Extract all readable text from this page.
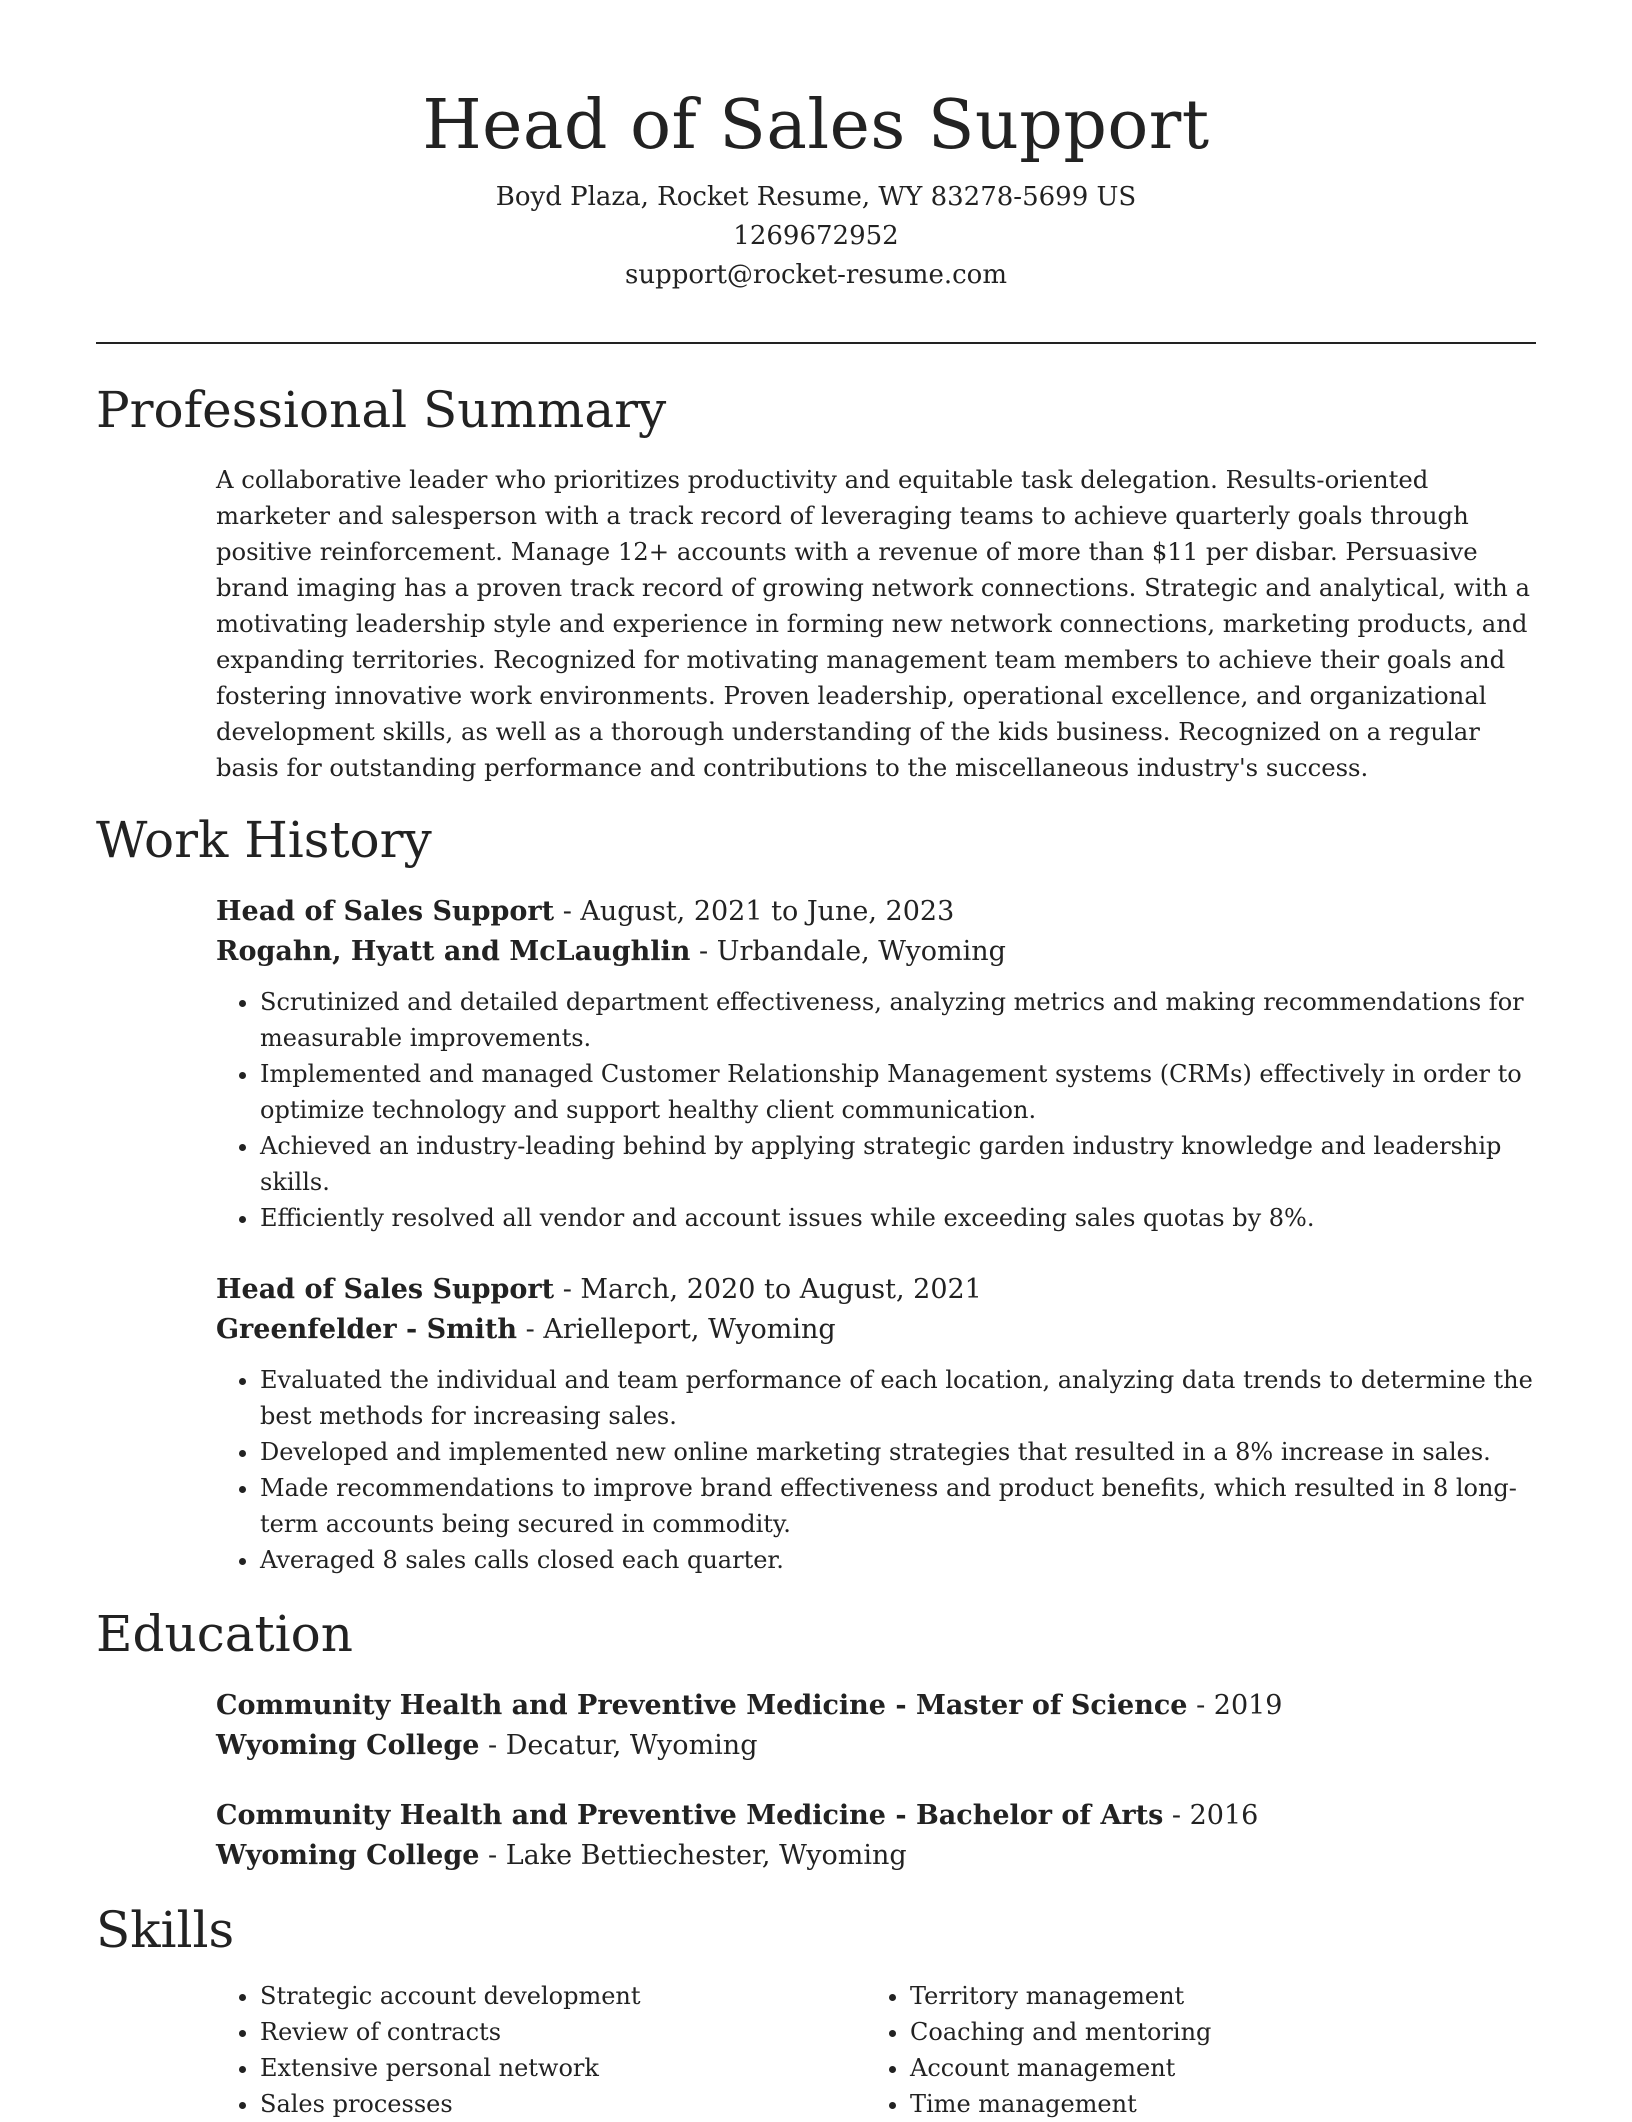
Head of Sales Support
Boyd Plaza, Rocket Resume, WY 83278-5699 US
1269672952
support@rocket-resume.com
Professional Summary

A collaborative leader who prioritizes productivity and equitable task delegation. Results-oriented marketer and salesperson with a track record of leveraging teams to achieve quarterly goals through positive reinforcement. Manage 12+ accounts with a revenue of more than $11 per disbar. Persuasive brand imaging has a proven track record of growing network connections. Strategic and analytical, with a motivating leadership style and experience in forming new network connections, marketing products, and expanding territories. Recognized for motivating management team members to achieve their goals and fostering innovative work environments. Proven leadership, operational excellence, and organizational development skills, as well as a thorough understanding of the kids business. Recognized on a regular basis for outstanding performance and contributions to the miscellaneous industry's success.

Work History
Head of Sales Support - August, 2021 to June, 2023
Rogahn, Hyatt and McLaughlin - Urbandale, Wyoming
• Scrutinized and detailed department effectiveness, analyzing metrics and making recommendations for measurable improvements.
• Implemented and managed Customer Relationship Management systems (CRMs) effectively in order to optimize technology and support healthy client communication.
• Achieved an industry-leading behind by applying strategic garden industry knowledge and leadership skills.
• Efficiently resolved all vendor and account issues while exceeding sales quotas by 8%.
Head of Sales Support - March, 2020 to August, 2021
Greenfelder - Smith - Arielleport, Wyoming
• Evaluated the individual and team performance of each location, analyzing data trends to determine the best methods for increasing sales.
• Developed and implemented new online marketing strategies that resulted in a 8% increase in sales.
• Made recommendations to improve brand effectiveness and product benefits, which resulted in 8 long-term accounts being secured in commodity.
• Averaged 8 sales calls closed each quarter.
Education
Community Health and Preventive Medicine - Master of Science - 2019
Wyoming College - Decatur, Wyoming
Community Health and Preventive Medicine - Bachelor of Arts - 2016
Wyoming College - Lake Bettiechester, Wyoming
Skills
• Strategic account development
• Review of contracts
• Extensive personal network
• Sales processes
• Territory management
• Coaching and mentoring
• Account management
• Time management
